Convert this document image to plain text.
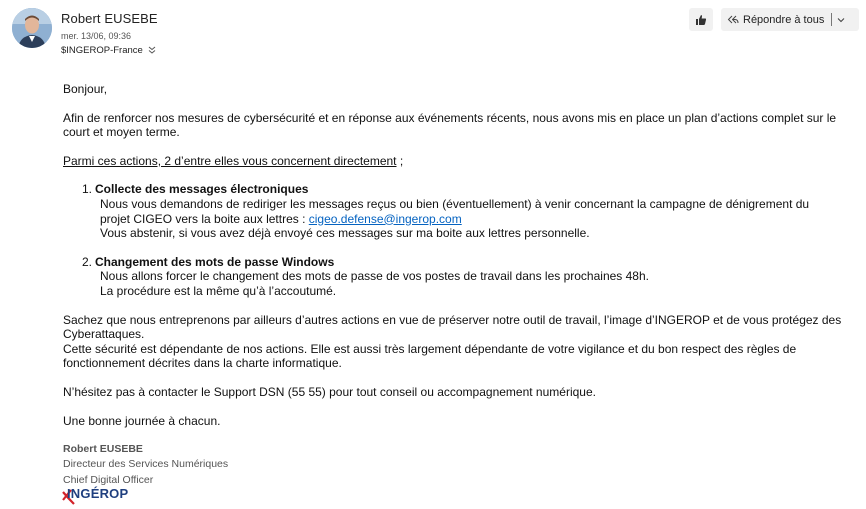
Robert EUSEBE
mer. 13/06, 09:36
$INGEROP-France
Répondre à tous

Bonjour,

Afin de renforcer nos mesures de cybersécurité et en réponse aux événements récents, nous avons mis en place un plan d’actions complet sur le court et moyen terme.

Parmi ces actions, 2 d’entre elles vous concernent directement ;

1. Collecte des messages électroniques

Nous vous demandons de rediriger les messages reçus ou bien (éventuellement) à venir concernant la campagne de dénigrement du

projet CIGEO vers la boite aux lettres : cigeo.defense@ingerop.com

Vous abstenir, si vous avez déjà envoyé ces messages sur ma boite aux lettres personnelle.

2. Changement des mots de passe Windows

Nous allons forcer le changement des mots de passe de vos postes de travail dans les prochaines 48h.

La procédure est la même qu’à l’accoutumé.

Sachez que nous entreprenons par ailleurs d’autres actions en vue de préserver notre outil de travail, l’image d’INGEROP et de vous protégez des Cyberattaques.

Cette sécurité est dépendante de nos actions. Elle est aussi très largement dépendante de votre vigilance et du bon respect des règles de fonctionnement décrites dans la charte informatique.

N’hésitez pas à contacter le Support DSN (55 55) pour tout conseil ou accompagnement numérique.

Une bonne journée à chacun.

Robert EUSEBE
Directeur des Services Numériques
Chief Digital Officer
INGÉROP
